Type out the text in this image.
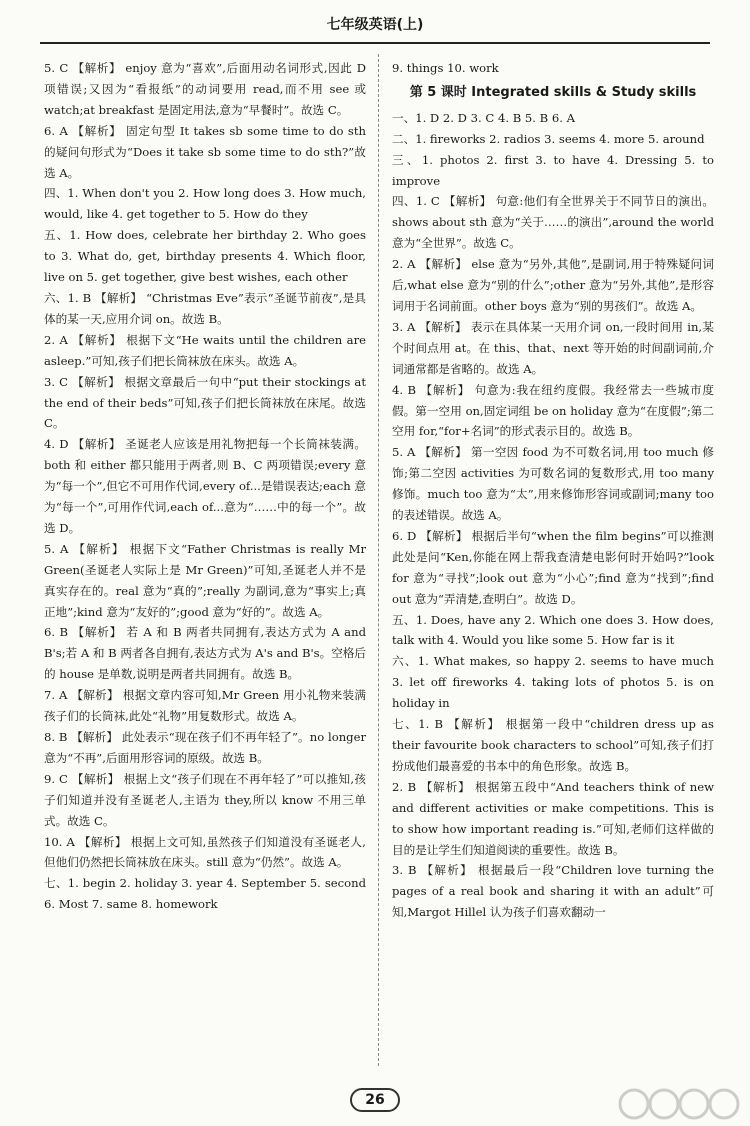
七年级英语(上)
5. C 【解析】 enjoy 意为“喜欢”,后面用动名词形式,因此 D 项错误;又因为“看报纸”的动词要用 read,而不用 see 或 watch;at breakfast 是固定用法,意为“早餐时”。故选 C。
6. A 【解析】 固定句型 It takes sb some time to do sth 的疑问句形式为“Does it take sb some time to do sth?”故选 A。
四、1. When don't you 2. How long does 3. How much, would, like 4. get together to 5. How do they
五、1. How does, celebrate her birthday 2. Who goes to 3. What do, get, birthday presents 4. Which floor, live on 5. get together, give best wishes, each other
六、1. B 【解析】 “Christmas Eve”表示“圣诞节前夜”,是具体的某一天,应用介词 on。故选 B。
2. A 【解析】 根据下文“He waits until the children are asleep.”可知,孩子们把长筒袜放在床头。故选 A。
3. C 【解析】 根据文章最后一句中“put their stockings at the end of their beds”可知,孩子们把长筒袜放在床尾。故选 C。
4. D 【解析】 圣诞老人应该是用礼物把每一个长筒袜装满。both 和 either 都只能用于两者,则 B、C 两项错误;every 意为“每一个”,但它不可用作代词,every of...是错误表达;each 意为“每一个”,可用作代词,each of...意为“……中的每一个”。故选 D。
5. A 【解析】 根据下文“Father Christmas is really Mr Green(圣诞老人实际上是 Mr Green)”可知,圣诞老人并不是真实存在的。real 意为“真的”;really 为副词,意为“事实上;真正地”;kind 意为“友好的”;good 意为“好的”。故选 A。
6. B 【解析】 若 A 和 B 两者共同拥有,表达方式为 A and B's;若 A 和 B 两者各自拥有,表达方式为 A's and B's。空格后的 house 是单数,说明是两者共同拥有。故选 B。
7. A 【解析】 根据文章内容可知,Mr Green 用小礼物来装满孩子们的长筒袜,此处“礼物”用复数形式。故选 A。
8. B 【解析】 此处表示“现在孩子们不再年轻了”。no longer 意为“不再”,后面用形容词的原级。故选 B。
9. C 【解析】 根据上文“孩子们现在不再年轻了”可以推知,孩子们知道并没有圣诞老人,主语为 they,所以 know 不用三单式。故选 C。
10. A 【解析】 根据上文可知,虽然孩子们知道没有圣诞老人,但他们仍然把长筒袜放在床头。still 意为“仍然”。故选 A。
七、1. begin 2. holiday 3. year 4. September 5. second 6. Most 7. same 8. homework
9. things 10. work
第 5 课时 Integrated skills & Study skills
一、1. D 2. D 3. C 4. B 5. B 6. A
二、1. fireworks 2. radios 3. seems 4. more 5. around
三、1. photos 2. first 3. to have 4. Dressing 5. to improve
四、1. C 【解析】 句意:他们有全世界关于不同节日的演出。shows about sth 意为“关于……的演出”,around the world 意为“全世界”。故选 C。
2. A 【解析】 else 意为“另外,其他”,是副词,用于特殊疑问词后,what else 意为“别的什么”;other 意为“另外,其他”,是形容词用于名词前面。other boys 意为“别的男孩们”。故选 A。
3. A 【解析】 表示在具体某一天用介词 on,一段时间用 in,某个时间点用 at。在 this、that、next 等开始的时间副词前,介词通常都是省略的。故选 A。
4. B 【解析】 句意为:我在纽约度假。我经常去一些城市度假。第一空用 on,固定词组 be on holiday 意为“在度假”;第二空用 for,“for+名词”的形式表示目的。故选 B。
5. A 【解析】 第一空因 food 为不可数名词,用 too much 修饰;第二空因 activities 为可数名词的复数形式,用 too many 修饰。much too 意为“太”,用来修饰形容词或副词;many too 的表述错误。故选 A。
6. D 【解析】 根据后半句“when the film begins”可以推测此处是问“Ken,你能在网上帮我查清楚电影何时开始吗?”look for 意为“寻找”;look out 意为“小心”;find 意为“找到”;find out 意为“弄清楚,查明白”。故选 D。
五、1. Does, have any 2. Which one does 3. How does, talk with 4. Would you like some 5. How far is it
六、1. What makes, so happy 2. seems to have much 3. let off fireworks 4. taking lots of photos 5. is on holiday in
七、1. B 【解析】 根据第一段中“children dress up as their favourite book characters to school”可知,孩子们打扮成他们最喜爱的书本中的角色形象。故选 B。
2. B 【解析】 根据第五段中“And teachers think of new and different activities or make competitions. This is to show how important reading is.”可知,老师们这样做的目的是让学生们知道阅读的重要性。故选 B。
3. B 【解析】 根据最后一段“Children love turning the pages of a real book and sharing it with an adult”可知,Margot Hillel 认为孩子们喜欢翻动一
26
